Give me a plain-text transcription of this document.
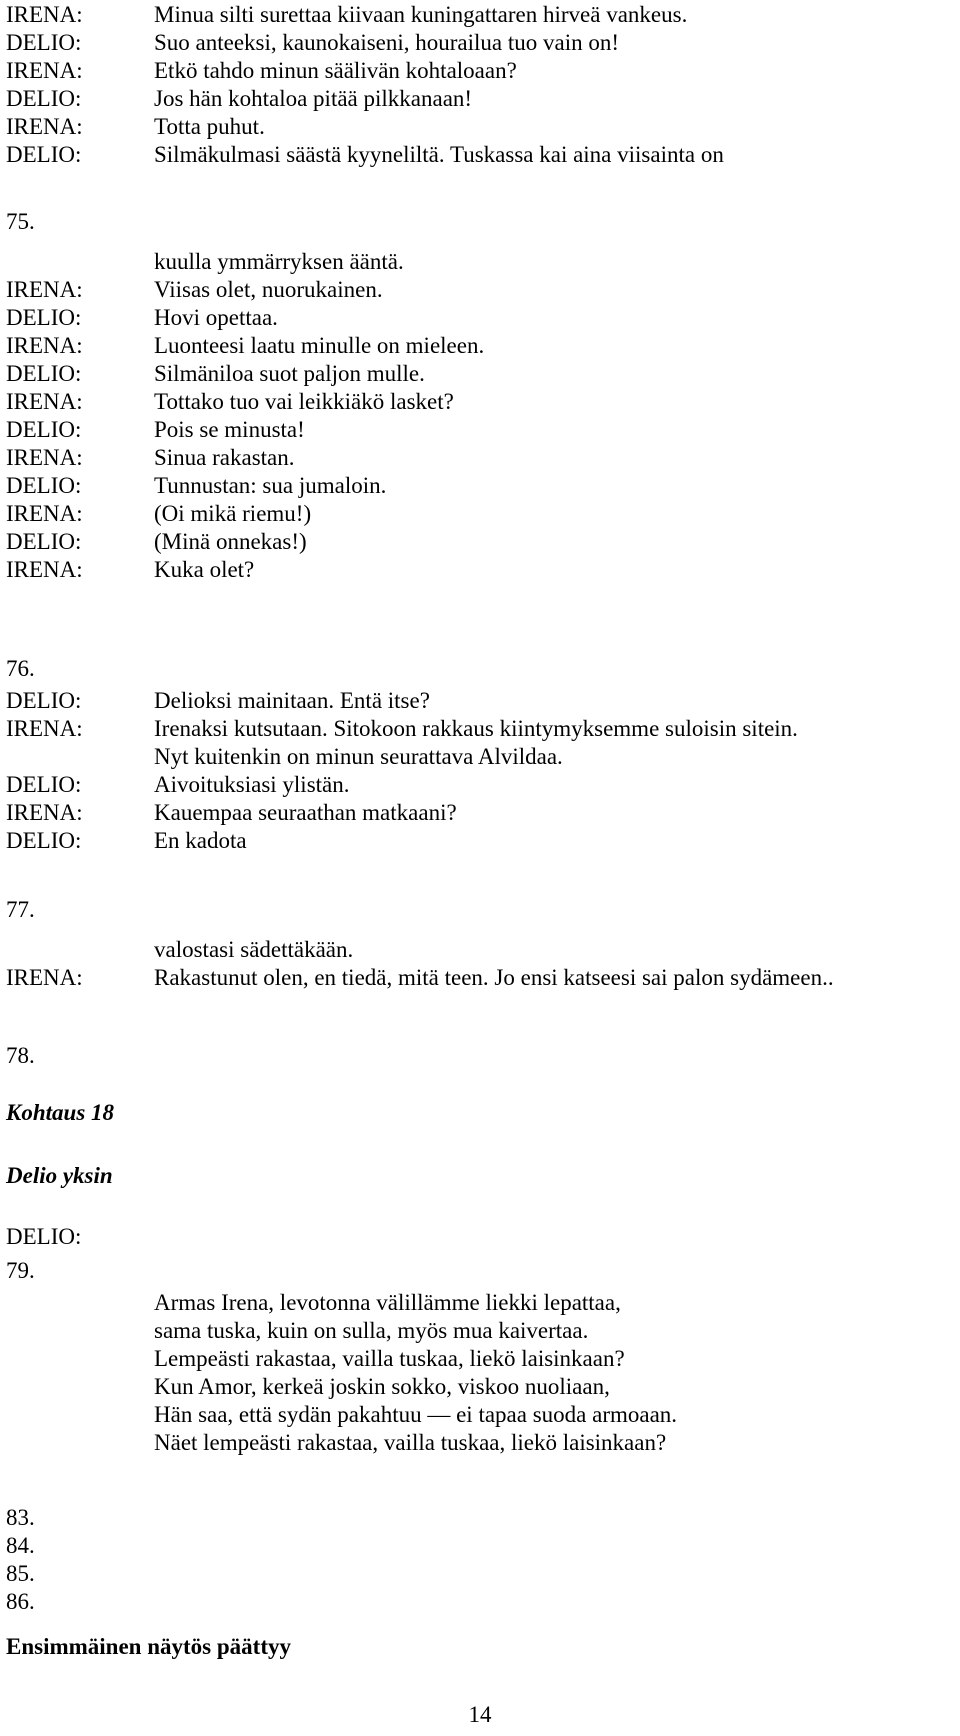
IRENA:	Minua silti surettaa kiivaan kuningattaren hirveä vankeus.
DELIO:	Suo anteeksi, kaunokaiseni, hourailua tuo vain on!
IRENA:	Etkö tahdo minun säälivän kohtaloaan?
DELIO:	Jos hän kohtaloa pitää pilkkanaan!
IRENA:	Totta puhut.
DELIO:	Silmäkulmasi säästä kyyneliltä. Tuskassa kai aina viisainta on
75.
kuulla ymmärryksen ääntä.
IRENA:	Viisas olet, nuorukainen.
DELIO:	Hovi opettaa.
IRENA:	Luonteesi laatu minulle on mieleen.
DELIO:	Silmäniloa suot paljon mulle.
IRENA:	Tottako tuo vai leikkiäkö lasket?
DELIO:	Pois se minusta!
IRENA:	Sinua rakastan.
DELIO:	Tunnustan: sua jumaloin.
IRENA:	(Oi mikä riemu!)
DELIO:	(Minä onnekas!)
IRENA:	Kuka olet?
76.
DELIO:	Delioksi mainitaan. Entä itse?
IRENA:	Irenaksi kutsutaan. Sitokoon rakkaus kiintymyksemme suloisin sitein.
Nyt kuitenkin on minun seurattava Alvildaa.
DELIO:	Aivoituksiasi ylistän.
IRENA:	Kauempaa seuraathan matkaani?
DELIO:	En kadota
77.
valostasi sädettäkään.
IRENA:	Rakastunut olen, en tiedä, mitä teen. Jo ensi katseesi sai palon sydämeen..
78.
Kohtaus 18
Delio yksin
DELIO:
79.
Armas Irena, levotonna välillämme liekki lepattaa,
sama tuska, kuin on sulla, myös mua kaivertaa.
Lempeästi rakastaa, vailla tuskaa, liekö laisinkaan?
Kun Amor, kerkeä joskin sokko, viskoo nuoliaan,
Hän saa, että sydän pakahtuu — ei tapaa suoda armoaan.
Näet lempeästi rakastaa, vailla tuskaa, liekö laisinkaan?
83.
84.
85.
86.
Ensimmäinen näytös päättyy
14
